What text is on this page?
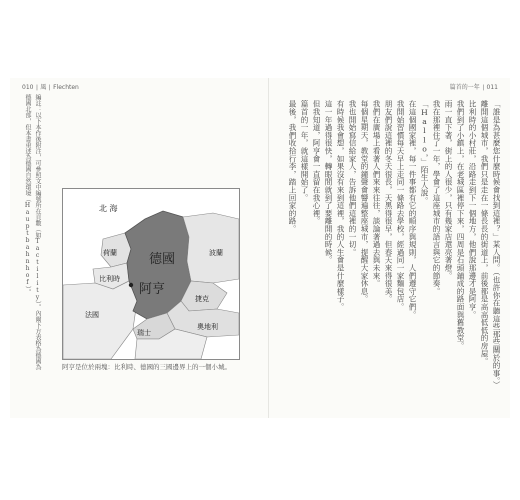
010 ∣ 風 ∣ Flechten	篇首的一年 ∣ 011
編註：以下本作後附注，可參照文中編號所在頁數（如Tactility）。內爾下方表格為德國為
德國北部，但本書重述為德國自然環境（Hauptbahnhof）。	北 海
荷蘭
比利時
德國
阿亨
波蘭
捷克
法國
瑞士
奧地利
阿亨是位於兩塊：比利時、德國的三國邊界上的一個小城。	「誰是為甚麼您什麼時候會找到這裡？」某人問。（也許你在聽這些那些關於的事。）
離開這個城市，我們只是走在一條長長的街道上，前後都是高高低低的房屋。
比利時的小村莊，沿路走到下一個地方，他們說那邊才是阿亨。
我們到了小鎮上，在老城區裡停下來，四周是石頭鋪成的路面與舊教堂。
雨一直下著，街上的人很少，只有幾家店還亮著燈。
我在那裡住了一年，學會了這座城市的語言與它的節奏。
「Hallo，」陌生人說。
在這個國家裡，每一件事都有它的順序與規則，人們遵守它們。
我開始習慣每天早上走同一條路去學校，經過同一家麵包店。
朋友們說這裡的冬天很長，天黑得很早，但春天來得很美。
我們在廣場上看著人們來來往往，談論著過去與未來。
每個星期天，教堂的鐘聲會響遍整座城市，提醒大家休息。
我也開始寫信給家人，告訴他們這裡的一切。
有時候我會想，如果沒有來到這裡，我的人生會是什麼樣子。
這一年過得很快，轉眼間就到了要離開的時候。
但我知道，阿亨會一直留在我心裡。
篇首的一年，就這樣開始了。
最後，我們收拾行李，踏上回家的路。
